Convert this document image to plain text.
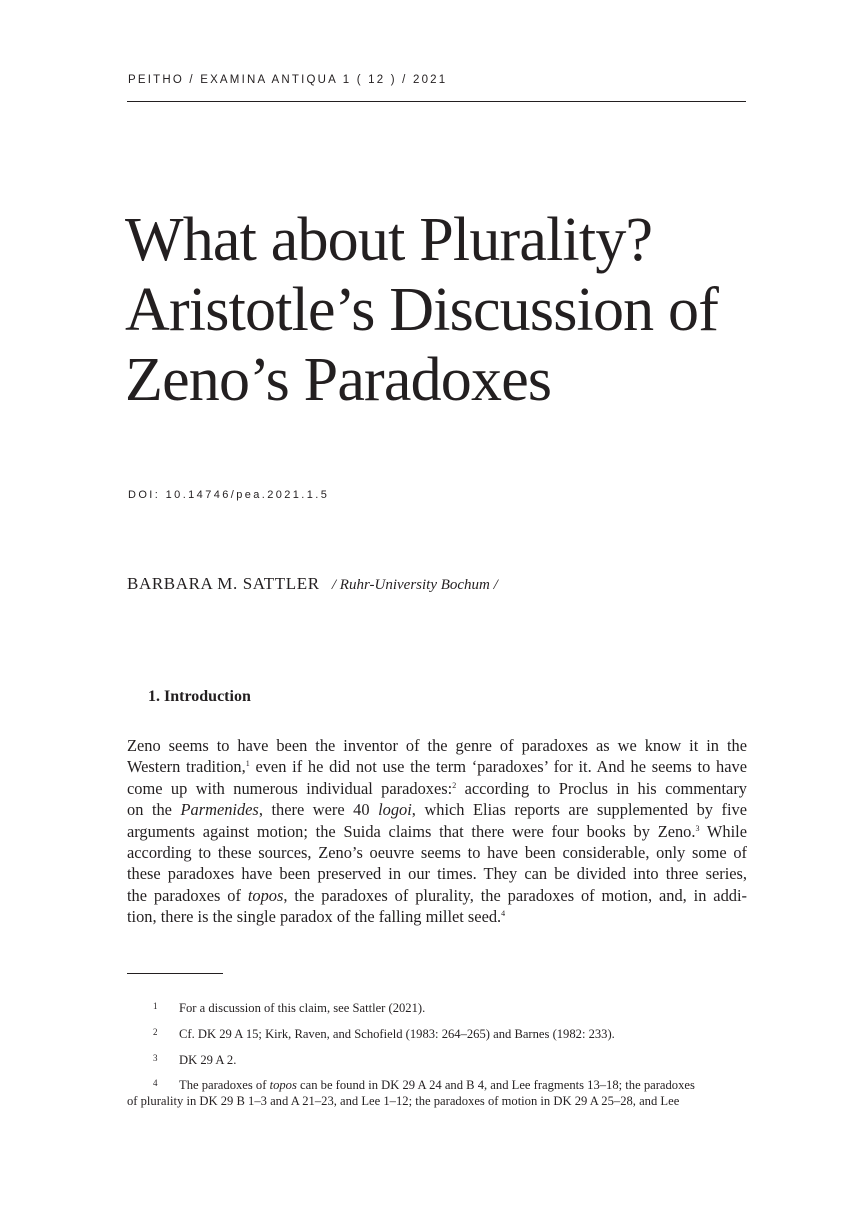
PEITHO / EXAMINA ANTIQUA 1 ( 12 ) / 2021
What about Plurality?
Aristotle’s Discussion of
Zeno’s Paradoxes
DOI: 10.14746/pea.2021.1.5
BARBARA M. SATTLER / Ruhr-University Bochum /
1. Introduction
Zeno seems to have been the inventor of the genre of paradoxes as we know it in the
Western tradition,$^1$ even if he did not use the term ‘paradoxes’ for it. And he seems to have
come up with numerous individual paradoxes:$^2$ according to Proclus in his commentary
on the Parmenides, there were 40 logoi, which Elias reports are supplemented by five
arguments against motion; the Suida claims that there were four books by Zeno.$^3$ While
according to these sources, Zeno’s oeuvre seems to have been considerable, only some of
these paradoxes have been preserved in our times. They can be divided into three series,
the paradoxes of topos, the paradoxes of plurality, the paradoxes of motion, and, in addi-
tion, there is the single paradox of the falling millet seed.$^4$
1 For a discussion of this claim, see Sattler (2021).
2 Cf. DK 29 A 15; Kirk, Raven, and Schofield (1983: 264–265) and Barnes (1982: 233).
3 DK 29 A 2.
4 The paradoxes of topos can be found in DK 29 A 24 and B 4, and Lee fragments 13–18; the paradoxes
of plurality in DK 29 B 1–3 and A 21–23, and Lee 1–12; the paradoxes of motion in DK 29 A 25–28, and Lee
